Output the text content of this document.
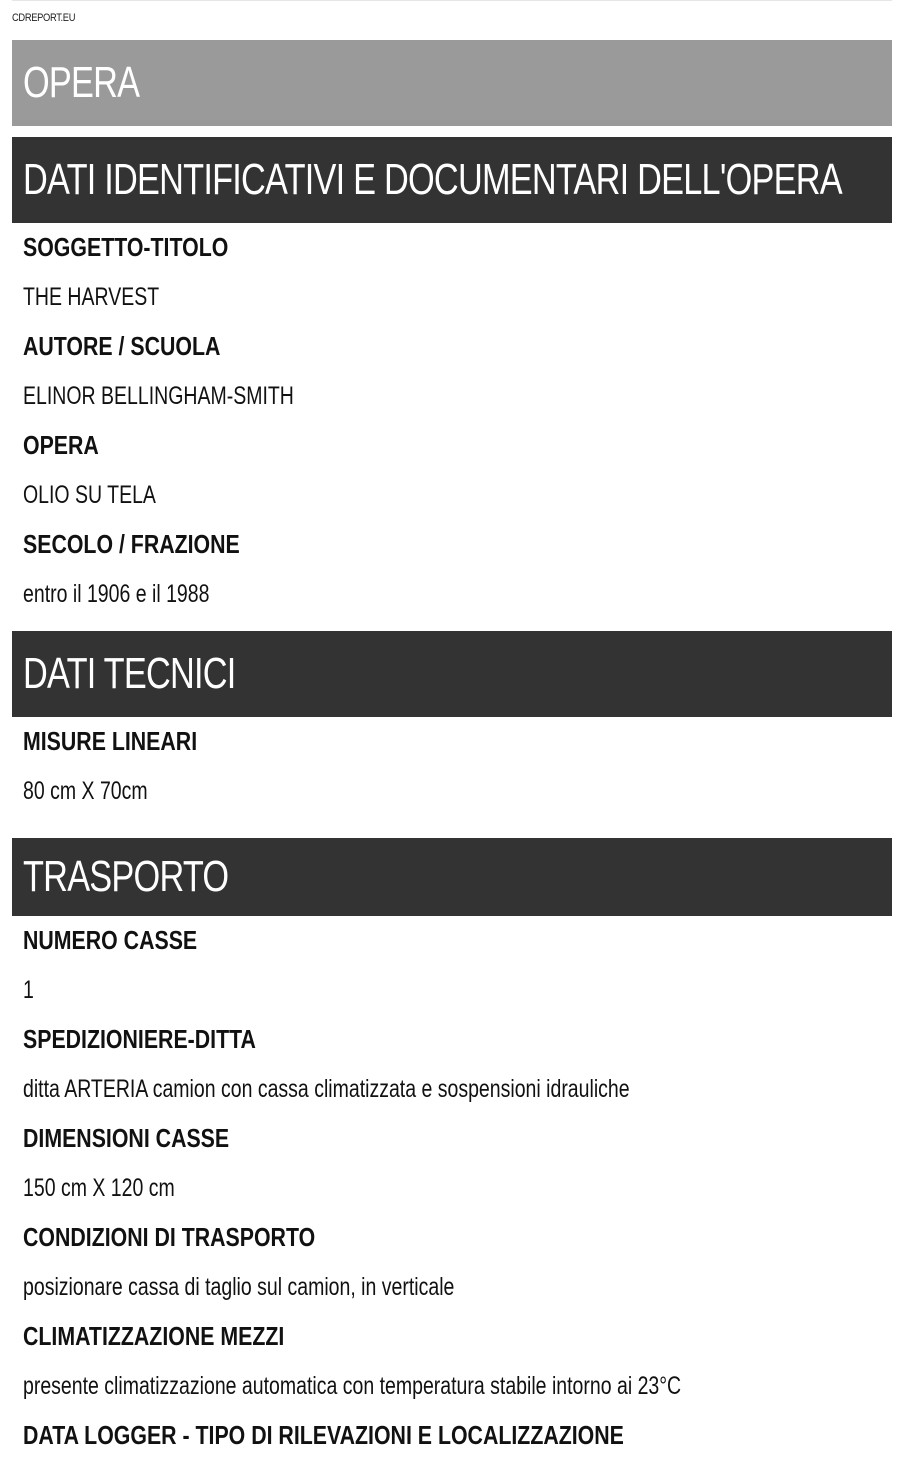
CDREPORT.EU
OPERA
DATI IDENTIFICATIVI E DOCUMENTARI DELL'OPERA
SOGGETTO-TITOLO
THE HARVEST
AUTORE / SCUOLA
ELINOR BELLINGHAM-SMITH
OPERA
OLIO SU TELA
SECOLO / FRAZIONE
entro il 1906 e il 1988
DATI TECNICI
MISURE LINEARI
80 cm X 70cm
TRASPORTO
NUMERO CASSE
1
SPEDIZIONIERE-DITTA
ditta ARTERIA camion con cassa climatizzata e sospensioni idrauliche
DIMENSIONI CASSE
150 cm X 120 cm
CONDIZIONI DI TRASPORTO
posizionare cassa di taglio sul camion, in verticale
CLIMATIZZAZIONE MEZZI
presente climatizzazione automatica con temperatura stabile intorno ai 23°C
DATA LOGGER - TIPO DI RILEVAZIONI E LOCALIZZAZIONE
